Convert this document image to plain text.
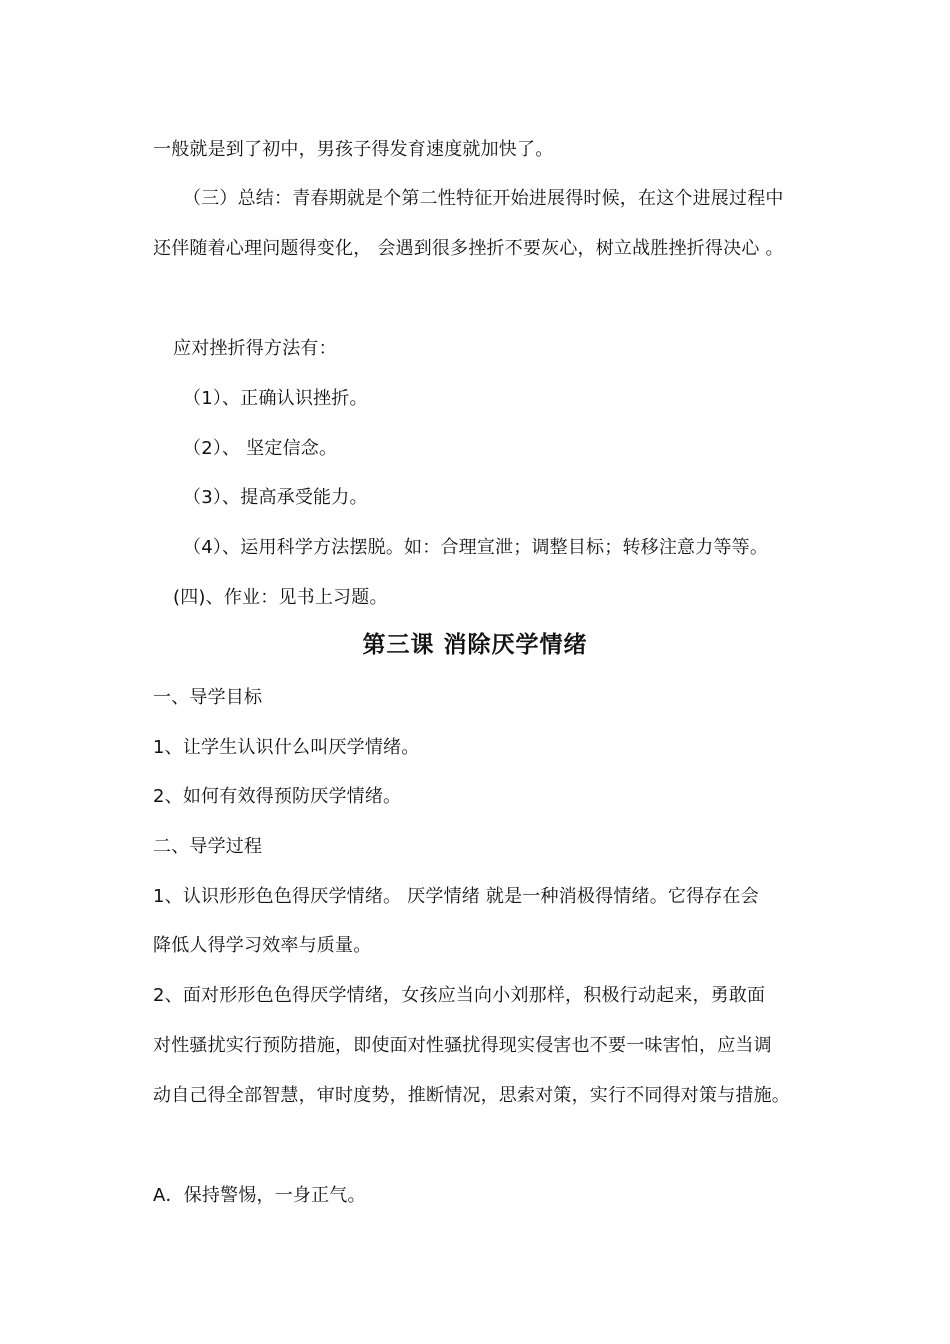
一般就是到了初中，男孩子得发育速度就加快了。
（三）总结：青春期就是个第二性特征开始进展得时候，在这个进展过程中
还伴随着心理问题得变化， 会遇到很多挫折不要灰心，树立战胜挫折得决心 。
应对挫折得方法有：
（1）、正确认识挫折。
（2）、 坚定信念。
（3）、提高承受能力。
（4）、运用科学方法摆脱。如：合理宣泄；调整目标；转移注意力等等。
(四)、作业：见书上习题。
第三课 消除厌学情绪
一、导学目标
1、让学生认识什么叫厌学情绪。
2、如何有效得预防厌学情绪。
二、导学过程
1、认识形形色色得厌学情绪。 厌学情绪 就是一种消极得情绪。它得存在会
降低人得学习效率与质量。
2、面对形形色色得厌学情绪，女孩应当向小刘那样，积极行动起来，勇敢面
对性骚扰实行预防措施，即使面对性骚扰得现实侵害也不要一味害怕，应当调
动自己得全部智慧，审时度势，推断情况，思索对策，实行不同得对策与措施。
A．保持警惕，一身正气。
